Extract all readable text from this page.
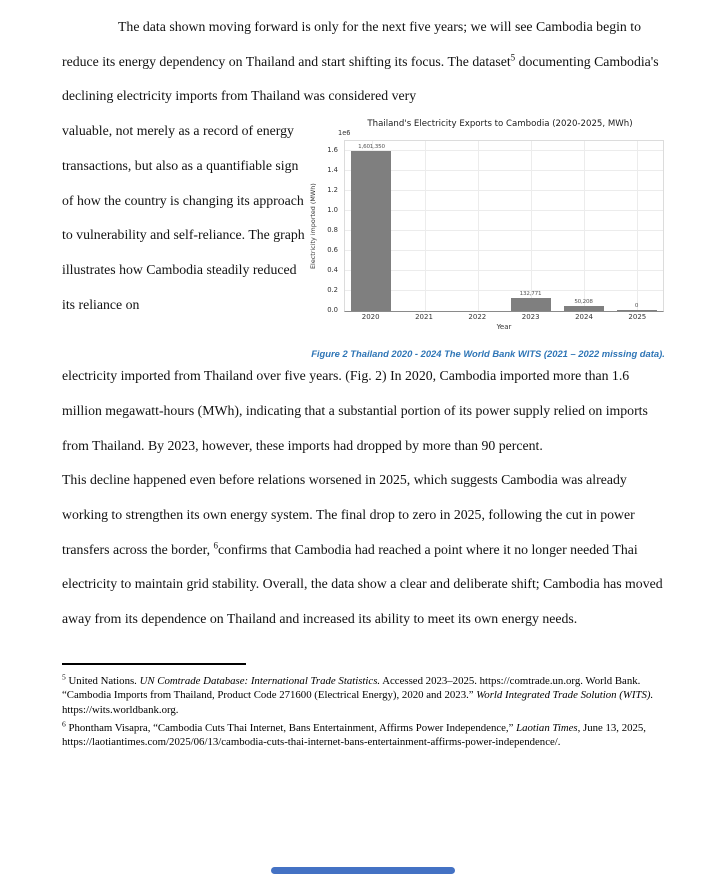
The data shown moving forward is only for the next five years; we will see Cambodia begin to reduce its energy dependency on Thailand and start shifting its focus. The dataset$^5$ documenting Cambodia's declining electricity imports from Thailand was considered very

valuable, not merely as a record of energy transactions, but also as a quantifiable sign of how the country is changing its approach to vulnerability and self-reliance. The graph illustrates how Cambodia steadily reduced its reliance on

Thailand's Electricity Exports to Cambodia (2020-2025, MWh)
1e6
Electricity imported (MWh)
0.0
0.2
0.4
0.6
0.8
1.0
1.2
1.4
1.6	1,601,350
132,771
50,208
0
2020	2021	2022	2023	2024	2025
Year
Figure 2 Thailand 2020 - 2024 The World Bank WITS (2021 – 2022 missing data).

electricity imported from Thailand over five years. (Fig. 2) In 2020, Cambodia imported more than 1.6 million megawatt-hours (MWh), indicating that a substantial portion of its power supply relied on imports from Thailand. By 2023, however, these imports had dropped by more than 90 percent.

This decline happened even before relations worsened in 2025, which suggests Cambodia was already working to strengthen its own energy system. The final drop to zero in 2025, following the cut in power transfers across the border, $^6$confirms that Cambodia had reached a point where it no longer needed Thai electricity to maintain grid stability. Overall, the data show a clear and deliberate shift; Cambodia has moved away from its dependence on Thailand and increased its ability to meet its own energy needs.

$^5$ United Nations. UN Comtrade Database: International Trade Statistics. Accessed 2023–2025. https://comtrade.un.org. World Bank. “Cambodia Imports from Thailand, Product Code 271600 (Electrical Energy), 2020 and 2023.” World Integrated Trade Solution (WITS). https://wits.worldbank.org.

$^6$ Phontham Visapra, “Cambodia Cuts Thai Internet, Bans Entertainment, Affirms Power Independence,” Laotian Times, June 13, 2025, https://laotiantimes.com/2025/06/13/cambodia-cuts-thai-internet-bans-entertainment-affirms-power-independence/.
